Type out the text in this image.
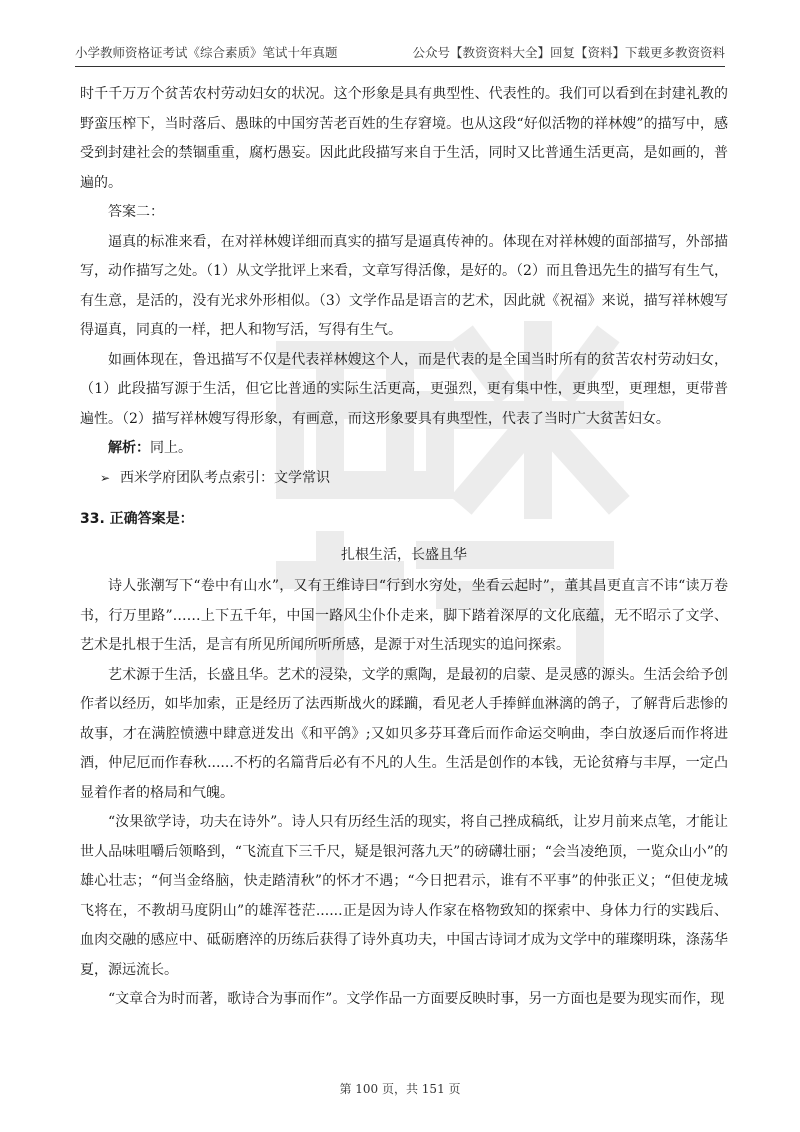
小学教师资格证考试《综合素质》笔试十年真题	公众号【教资资料大全】回复【资料】下载更多教资资料

时千千万万个贫苦农村劳动妇女的状况。这个形象是具有典型性、代表性的。我们可以看到在封建礼教的野蛮压榨下，当时落后、愚昧的中国穷苦老百姓的生存窘境。也从这段“好似活物的祥林嫂”的描写中，感受到封建社会的禁锢重重，腐朽愚妄。因此此段描写来自于生活，同时又比普通生活更高，是如画的，普遍的。

答案二：

逼真的标准来看，在对祥林嫂详细而真实的描写是逼真传神的。体现在对祥林嫂的面部描写，外部描写，动作描写之处。（1）从文学批评上来看，文章写得活像，是好的。（2）而且鲁迅先生的描写有生气，有生意，是活的，没有光求外形相似。（3）文学作品是语言的艺术，因此就《祝福》来说，描写祥林嫂写得逼真，同真的一样，把人和物写活，写得有生气。

如画体现在，鲁迅描写不仅是代表祥林嫂这个人，而是代表的是全国当时所有的贫苦农村劳动妇女，（1）此段描写源于生活，但它比普通的实际生活更高，更强烈，更有集中性，更典型，更理想，更带普遍性。（2）描写祥林嫂写得形象，有画意，而这形象要具有典型性，代表了当时广大贫苦妇女。

解析：同上。

➢ 西米学府团队考点索引：文学常识

33. 正确答案是：

扎根生活，长盛且华

诗人张潮写下“卷中有山水”，又有王维诗曰“行到水穷处，坐看云起时”，董其昌更直言不讳“读万卷书，行万里路”……上下五千年，中国一路风尘仆仆走来，脚下踏着深厚的文化底蕴，无不昭示了文学、艺术是扎根于生活，是言有所见所闻所听所感，是源于对生活现实的追问探索。

艺术源于生活，长盛且华。艺术的浸染，文学的熏陶，是最初的启蒙、是灵感的源头。生活会给予创作者以经历，如毕加索，正是经历了法西斯战火的蹂躏，看见老人手捧鲜血淋漓的鸽子，了解背后悲惨的故事，才在满腔愤懑中肆意迸发出《和平鸽》;又如贝多芬耳聋后而作命运交响曲，李白放逐后而作将进酒，仲尼厄而作春秋......不朽的名篇背后必有不凡的人生。生活是创作的本钱，无论贫瘠与丰厚，一定凸显着作者的格局和气魄。

“汝果欲学诗，功夫在诗外”。诗人只有历经生活的现实，将自己挫成稿纸，让岁月前来点笔，才能让世人品味咀嚼后领略到，“飞流直下三千尺，疑是银河落九天”的磅礴壮丽；“会当凌绝顶，一览众山小”的雄心壮志；“何当金络脑，快走踏清秋”的怀才不遇；“今日把君示，谁有不平事”的仲张正义；“但使龙城飞将在，不教胡马度阴山”的雄浑苍茫......正是因为诗人作家在格物致知的探索中、身体力行的实践后、血肉交融的感应中、砥砺磨淬的历练后获得了诗外真功夫，中国古诗词才成为文学中的璀璨明珠，涤荡华夏，源远流长。

“文章合为时而著，歌诗合为事而作”。文学作品一方面要反映时事，另一方面也是要为现实而作，现

第 100 页，共 151 页
